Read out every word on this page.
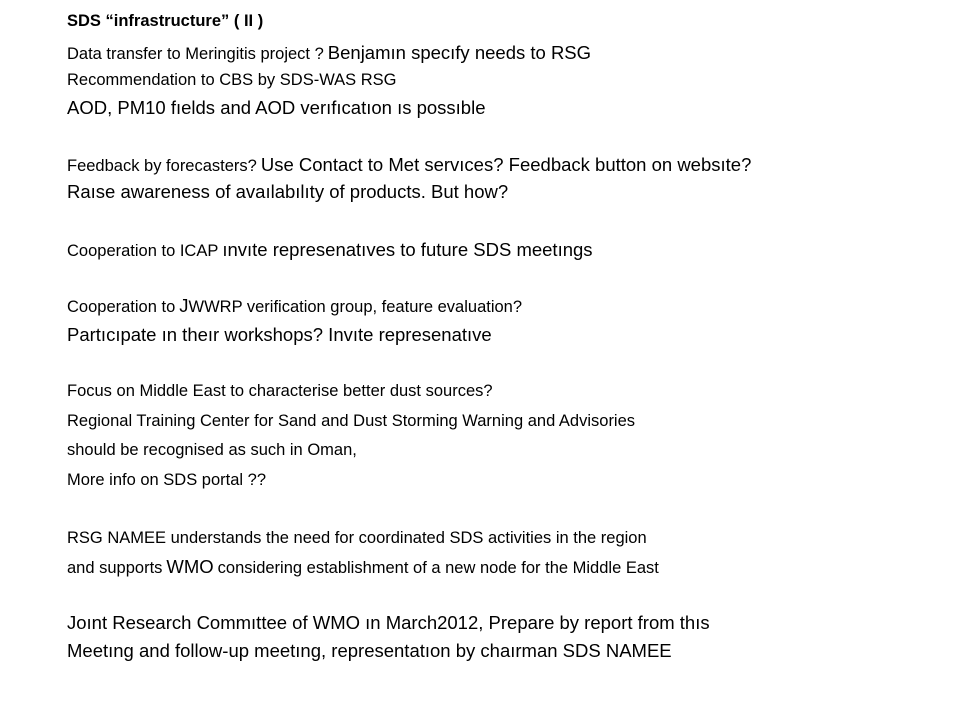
SDS “infrastructure” ( II )
Data transfer to Meringitis project ? Benjamın specıfy needs to RSG
Recommendation to CBS by SDS-WAS RSG
AOD, PM10 fıelds and AOD verıfıcatıon ıs possıble
Feedback by forecasters? Use Contact to Met servıces? Feedback button on websıte?
Raıse awareness of avaılabılıty of products. But how?
Cooperation to ICAP ınvıte represenatıves to future SDS meetıngs
Cooperation to JWWRP verification group, feature evaluation?
Partıcıpate ın theır workshops? Invıte represenatıve
Focus on Middle East to characterise better dust sources?
Regional Training Center for Sand and Dust Storming Warning and Advisories
should be recognised as such in Oman,
More info on SDS portal ??
RSG NAMEE understands the need for coordinated SDS activities in the region
and supports WMO considering establishment of a new node for the Middle East
Joınt Research Commıttee of WMO ın March2012, Prepare by report from thıs
Meetıng and follow-up meetıng, representatıon by chaırman SDS NAMEE
